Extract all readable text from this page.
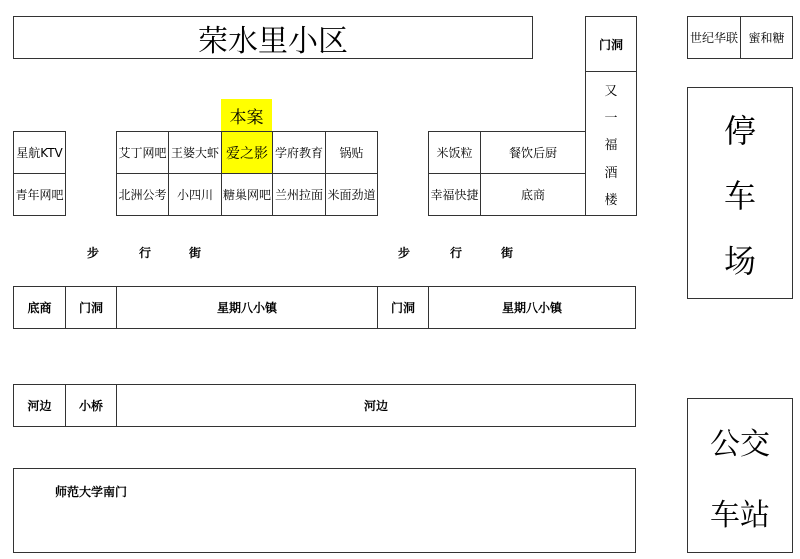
荣水里小区	门洞
又
一
福
酒
楼
世纪华联 蜜和糖
停
车
场
公交
车站
本案
星航KTV
青年网吧
艾丁网吧 王婆大虾 爱之影 学府教育	锅贴
北洲公考 小四川 糖巢网吧 兰州拉面 米面劲道
米饭粒	餐饮后厨
幸福快捷	底商
步	行	街	步	行	街
底商	门洞	星期八小镇	门洞	星期八小镇
河边	小桥	河边
师范大学南门
